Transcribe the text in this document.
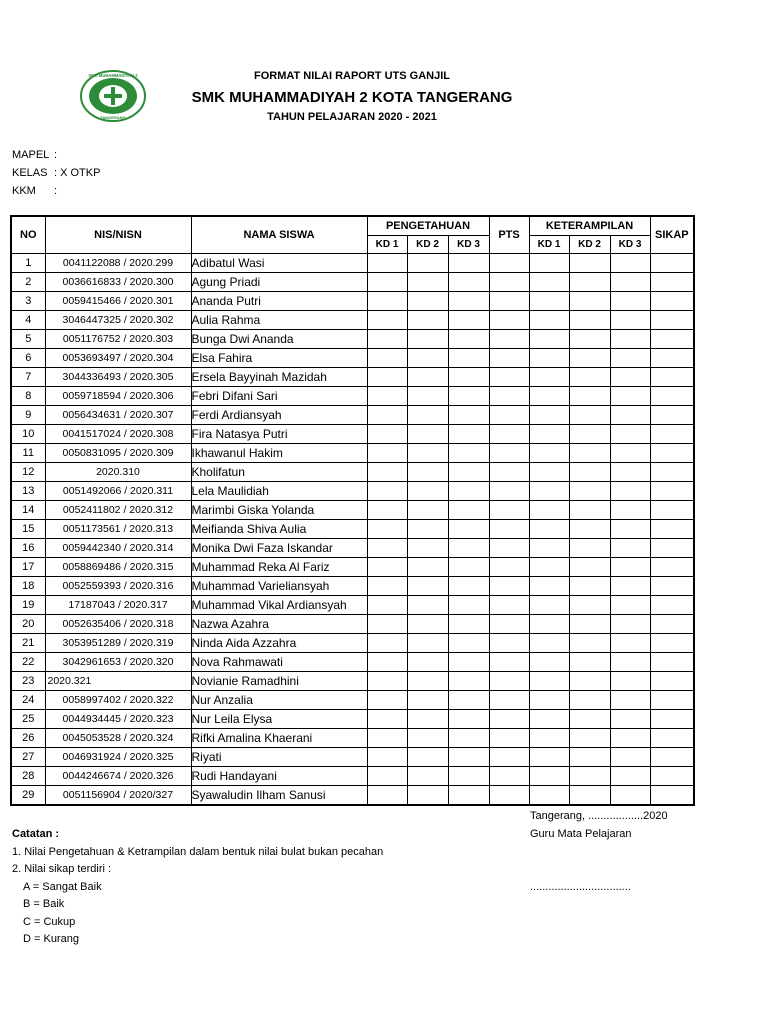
SMK MUHAMMADIYAH 2
TANGERANG
FORMAT NILAI RAPORT UTS GANJIL
SMK MUHAMMADIYAH 2 KOTA TANGERANG
TAHUN PELAJARAN 2020 - 2021
MAPEL :
KELAS : X OTKP
KKM	:
NO	NIS/NISN	NAMA SISWA	PENGETAHUAN			PTS	KETERAMPILAN			SIKAP
			KD 1	KD 2	KD 3		KD 1	KD 2	KD 3	
1	0041122088 / 2020.299	Adibatul Wasi								
2	0036616833 / 2020.300	Agung Priadi								
3	0059415466 / 2020.301	Ananda Putri								
4	3046447325 / 2020.302	Aulia Rahma								
5	0051176752 / 2020.303	Bunga Dwi Ananda								
6	0053693497 / 2020.304	Elsa Fahira								
7	3044336493 / 2020.305	Ersela Bayyinah Mazidah								
8	0059718594 / 2020.306	Febri Difani Sari								
9	0056434631 / 2020.307	Ferdi Ardiansyah								
10	0041517024 / 2020.308	Fira Natasya Putri								
11	0050831095 / 2020.309	Ikhawanul Hakim								
12	2020.310	Kholifatun								
13	0051492066 / 2020.311	Lela Maulidiah								
14	0052411802 / 2020.312	Marimbi Giska Yolanda								
15	0051173561 / 2020.313	Meifianda Shiva Aulia								
16	0059442340 / 2020.314	Monika Dwi Faza Iskandar								
17	0058869486 / 2020.315	Muhammad Reka Al Fariz								
18	0052559393 / 2020.316	Muhammad Varieliansyah								
19	17187043 / 2020.317	Muhammad Vikal Ardiansyah								
20	0052635406 / 2020.318	Nazwa Azahra								
21	3053951289 / 2020.319	Ninda Aida Azzahra								
22	3042961653 / 2020.320	Nova Rahmawati								
23	2020.321	Novianie Ramadhini								
24	0058997402 / 2020.322	Nur Anzalia								
25	0044934445 / 2020.323	Nur Leila Elysa								
26	0045053528 / 2020.324	Rifki Amalina Khaerani								
27	0046931924 / 2020.325	Riyati								
28	0044246674 / 2020.326	Rudi Handayani								
29	0051156904 / 2020/327	Syawaludin Ilham Sanusi								
Tangerang, ..................2020
Guru Mata Pelajaran
.................................
Catatan :
1. Nilai Pengetahuan & Ketrampilan dalam bentuk nilai bulat bukan pecahan
2. Nilai sikap terdiri :
A = Sangat Baik
B = Baik
C = Cukup
D = Kurang
